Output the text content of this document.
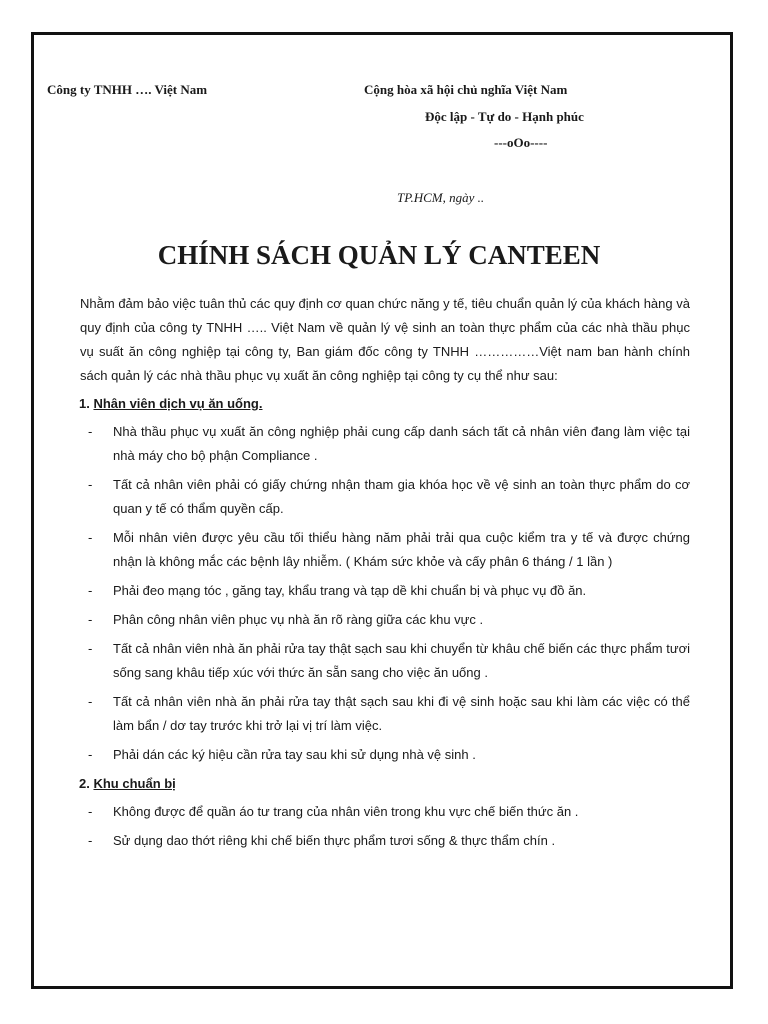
Công ty TNHH …. Việt Nam	Cộng hòa xã hội chủ nghĩa Việt Nam
Độc lập - Tự do - Hạnh phúc
---oOo----
TP.HCM, ngày ..
CHÍNH SÁCH QUẢN LÝ CANTEEN

Nhằm đảm bảo việc tuân thủ các quy định cơ quan chức năng y tế, tiêu chuẩn quản lý của khách hàng và quy định của công ty TNHH ….. Việt Nam về quản lý vệ sinh an toàn thực phẩm của các nhà thầu phục vụ suất ăn công nghiệp tại công ty, Ban giám đốc công ty TNHH ……………Việt nam ban hành chính sách quản lý các nhà thầu phục vụ xuất ăn công nghiệp tại công ty cụ thể như sau:

1. Nhân viên dịch vụ ăn uống.

- Nhà thầu phục vụ xuất ăn công nghiệp phải cung cấp danh sách tất cả nhân viên đang làm việc tại nhà máy cho bộ phận Compliance .
- Tất cả nhân viên phải có giấy chứng nhận tham gia khóa học về vệ sinh an toàn thực phẩm do cơ quan y tế có thẩm quyền cấp.
- Mỗi nhân viên được yêu cầu tối thiểu hàng năm phải trải qua cuộc kiểm tra y tế và được chứng nhận là không mắc các bệnh lây nhiễm. ( Khám sức khỏe và cấy phân 6 tháng / 1 lần )
- Phải đeo mạng tóc , găng tay, khẩu trang và tạp dề khi chuẩn bị và phục vụ đồ ăn.
- Phân công nhân viên phục vụ nhà ăn rõ ràng giữa các khu vực .
- Tất cả nhân viên nhà ăn phải rửa tay thật sạch sau khi chuyển từ khâu chế biến các thực phẩm tươi sống sang khâu tiếp xúc với thức ăn sẵn sang cho việc ăn uống .
- Tất cả nhân viên nhà ăn phải rửa tay thật sạch sau khi đi vệ sinh hoặc sau khi làm các việc có thể làm bẩn / dơ tay trước khi trở lại vị trí làm việc.
- Phải dán các ký hiệu cần rửa tay sau khi sử dụng nhà vệ sinh .

2. Khu chuẩn bị

- Không được để quần áo tư trang của nhân viên trong khu vực chế biến thức ăn .
- Sử dụng dao thớt riêng khi chế biến thực phẩm tươi sống & thực thẩm chín .
